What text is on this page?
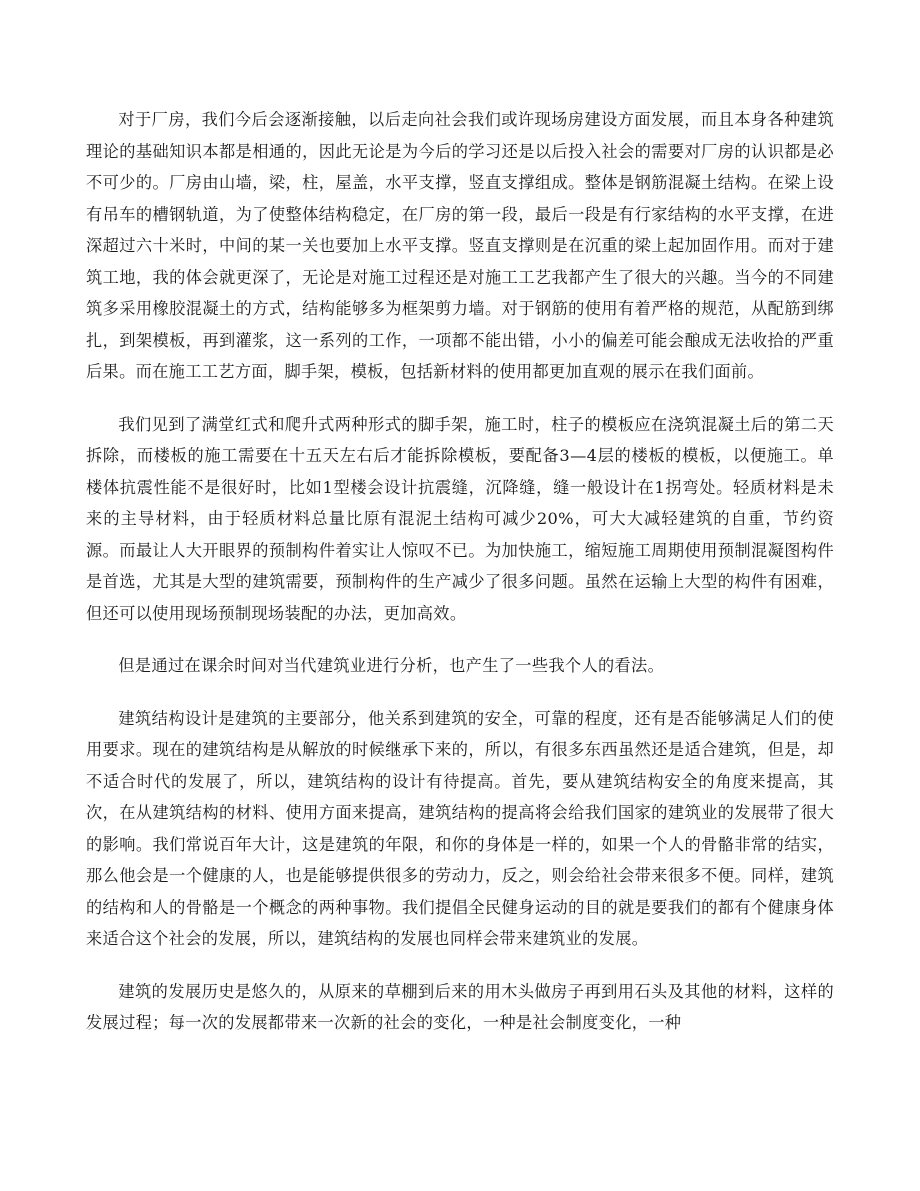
对于厂房，我们今后会逐渐接触，以后走向社会我们或许现场房建设方面发展，而且本身各种建筑理论的基础知识本都是相通的，因此无论是为今后的学习还是以后投入社会的需要对厂房的认识都是必不可少的。厂房由山墙，梁，柱，屋盖，水平支撑，竖直支撑组成。整体是钢筋混凝土结构。在梁上设有吊车的槽钢轨道，为了使整体结构稳定，在厂房的第一段，最后一段是有行家结构的水平支撑，在进深超过六十米时，中间的某一关也要加上水平支撑。竖直支撑则是在沉重的梁上起加固作用。而对于建筑工地，我的体会就更深了，无论是对施工过程还是对施工工艺我都产生了很大的兴趣。当今的不同建筑多采用橡胶混凝土的方式，结构能够多为框架剪力墙。对于钢筋的使用有着严格的规范，从配筋到绑扎，到架模板，再到灌浆，这一系列的工作，一项都不能出错，小小的偏差可能会酿成无法收拾的严重后果。而在施工工艺方面，脚手架，模板，包括新材料的使用都更加直观的展示在我们面前。

我们见到了满堂红式和爬升式两种形式的脚手架，施工时，柱子的模板应在浇筑混凝土后的第二天拆除，而楼板的施工需要在十五天左右后才能拆除模板，要配备3—4层的楼板的模板，以便施工。单楼体抗震性能不是很好时，比如1型楼会设计抗震缝，沉降缝，缝一般设计在1拐弯处。轻质材料是未来的主导材料，由于轻质材料总量比原有混泥土结构可减少20%，可大大减轻建筑的自重，节约资源。而最让人大开眼界的预制构件着实让人惊叹不已。为加快施工，缩短施工周期使用预制混凝图构件是首选，尤其是大型的建筑需要，预制构件的生产减少了很多问题。虽然在运输上大型的构件有困难，但还可以使用现场预制现场装配的办法，更加高效。

但是通过在课余时间对当代建筑业进行分析，也产生了一些我个人的看法。

建筑结构设计是建筑的主要部分，他关系到建筑的安全，可靠的程度，还有是否能够满足人们的使用要求。现在的建筑结构是从解放的时候继承下来的，所以，有很多东西虽然还是适合建筑，但是，却不适合时代的发展了，所以，建筑结构的设计有待提高。首先，要从建筑结构安全的角度来提高，其次，在从建筑结构的材料、使用方面来提高，建筑结构的提高将会给我们国家的建筑业的发展带了很大的影响。我们常说百年大计，这是建筑的年限，和你的身体是一样的，如果一个人的骨骼非常的结实，那么他会是一个健康的人，也是能够提供很多的劳动力，反之，则会给社会带来很多不便。同样，建筑的结构和人的骨骼是一个概念的两种事物。我们提倡全民健身运动的目的就是要我们的都有个健康身体来适合这个社会的发展，所以，建筑结构的发展也同样会带来建筑业的发展。

建筑的发展历史是悠久的，从原来的草棚到后来的用木头做房子再到用石头及其他的材料，这样的发展过程；每一次的发展都带来一次新的社会的变化，一种是社会制度变化，一种
